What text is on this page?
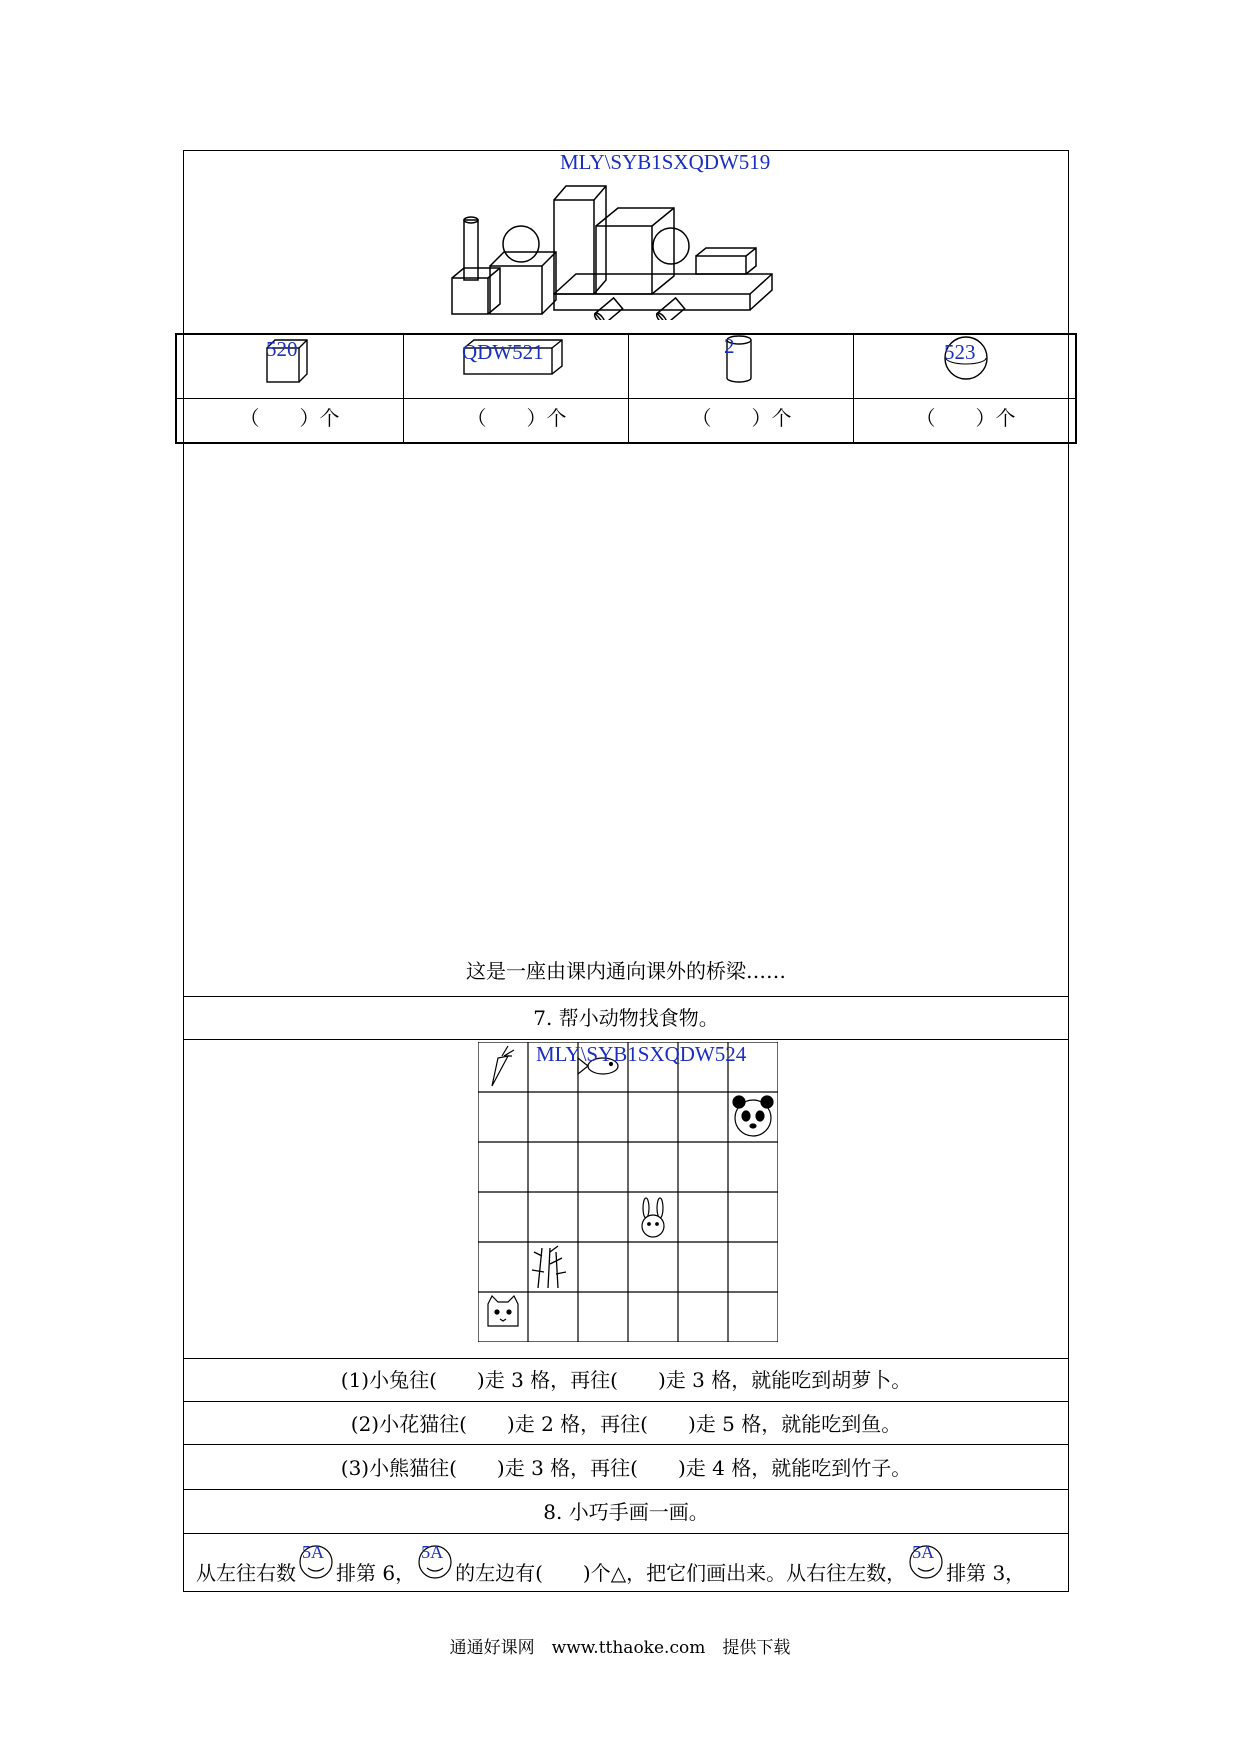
MLY\SYB1SXQDW519
520	QDW521	2	523
（　　）个	（　　）个	（　　）个	（　　）个
这是一座由课内通向课外的桥梁……
7. 帮小动物找食物。
MLY\SYB1SXQDW524
(1)小兔往(　　)走 3 格，再往(　　)走 3 格，就能吃到胡萝卜。
(2)小花猫往(　　)走 2 格，再往(　　)走 5 格，就能吃到鱼。
(3)小熊猫往(　　)走 3 格，再往(　　)走 4 格，就能吃到竹子。
8. 小巧手画一画。
从左往右数
5A
排第 6，
5A
的左边有(　　)个△，把它们画出来。从右往左数，
5A
排第 3，
通通好课网　www.tthaoke.com　提供下载
